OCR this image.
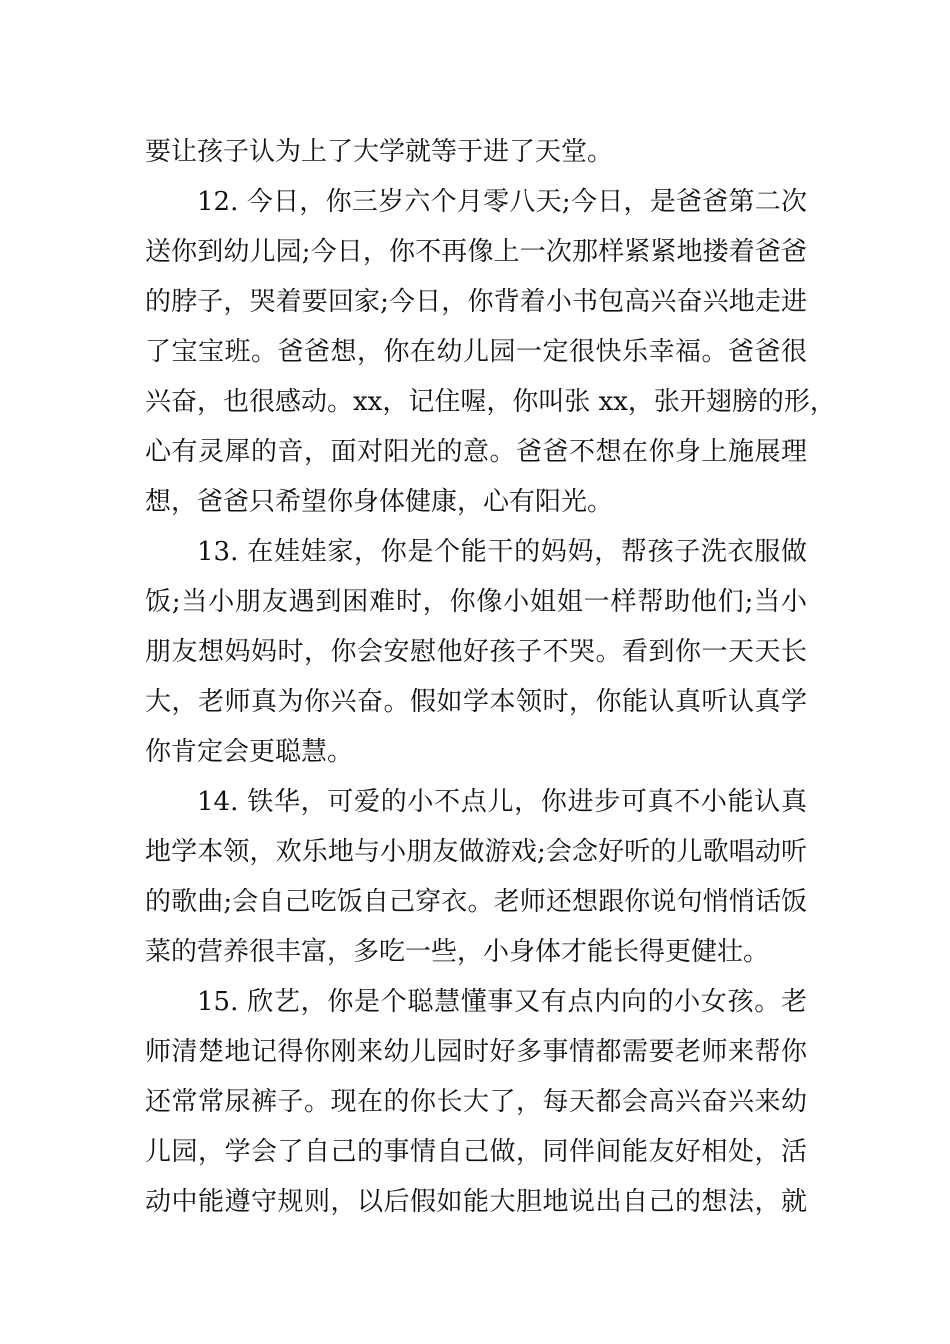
要让孩子认为上了大学就等于进了天堂。
12. 今日，你三岁六个月零八天;今日，是爸爸第二次
送你到幼儿园;今日，你不再像上一次那样紧紧地搂着爸爸
的脖子，哭着要回家;今日，你背着小书包高兴奋兴地走进
了宝宝班。爸爸想，你在幼儿园一定很快乐幸福。爸爸很
兴奋，也很感动。xx，记住喔，你叫张 xx，张开翅膀的形，
心有灵犀的音，面对阳光的意。爸爸不想在你身上施展理
想，爸爸只希望你身体健康，心有阳光。
13. 在娃娃家，你是个能干的妈妈，帮孩子洗衣服做
饭;当小朋友遇到困难时，你像小姐姐一样帮助他们;当小
朋友想妈妈时，你会安慰他好孩子不哭。看到你一天天长
大，老师真为你兴奋。假如学本领时，你能认真听认真学
你肯定会更聪慧。
14. 铁华，可爱的小不点儿，你进步可真不小能认真
地学本领，欢乐地与小朋友做游戏;会念好听的儿歌唱动听
的歌曲;会自己吃饭自己穿衣。老师还想跟你说句悄悄话饭
菜的营养很丰富，多吃一些，小身体才能长得更健壮。
15. 欣艺，你是个聪慧懂事又有点内向的小女孩。老
师清楚地记得你刚来幼儿园时好多事情都需要老师来帮你
还常常尿裤子。现在的你长大了，每天都会高兴奋兴来幼
儿园，学会了自己的事情自己做，同伴间能友好相处，活
动中能遵守规则，以后假如能大胆地说出自己的想法，就
